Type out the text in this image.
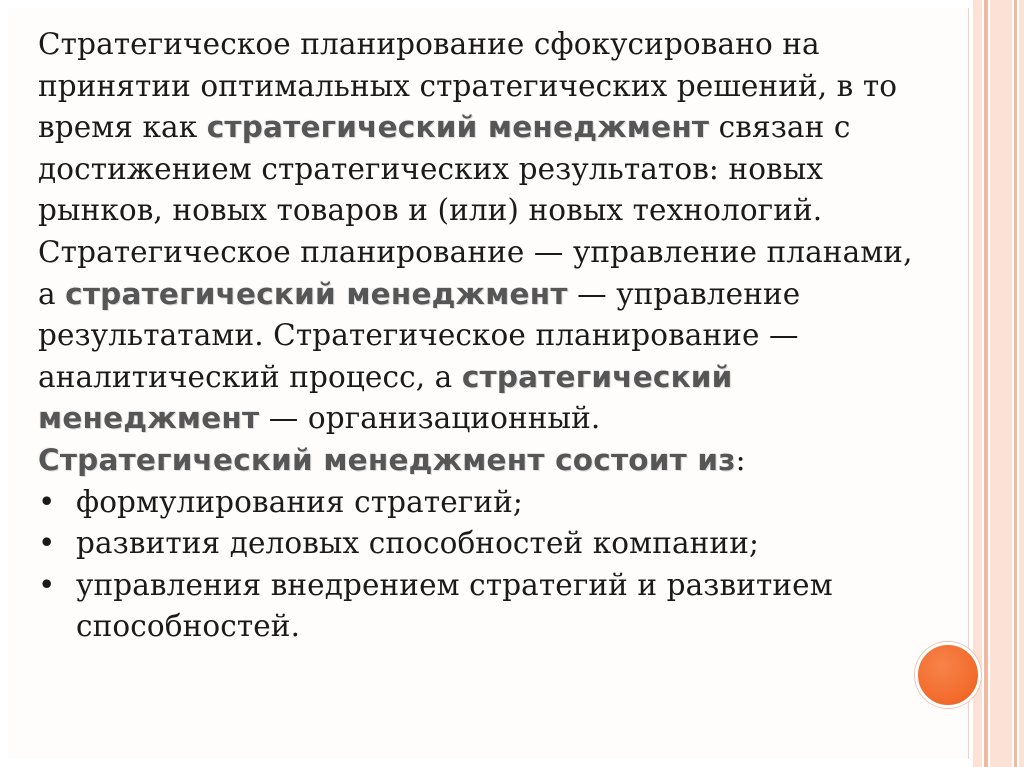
Стратегическое планирование сфокусировано на принятии оптимальных стратегических решений, в то время как стратегический менеджмент связан с достижением стратегических результатов: новых рынков, новых товаров и (или) новых технологий. Стратегическое планирование — управление планами, а стратегический менеджмент — управление результатами. Стратегическое планирование — аналитический процесс, а стратегический менеджмент — организационный.

Стратегический менеджмент состоит из:

• формулирования стратегий;
• развития деловых способностей компании;
• управления внедрением стратегий и развитием способностей.
